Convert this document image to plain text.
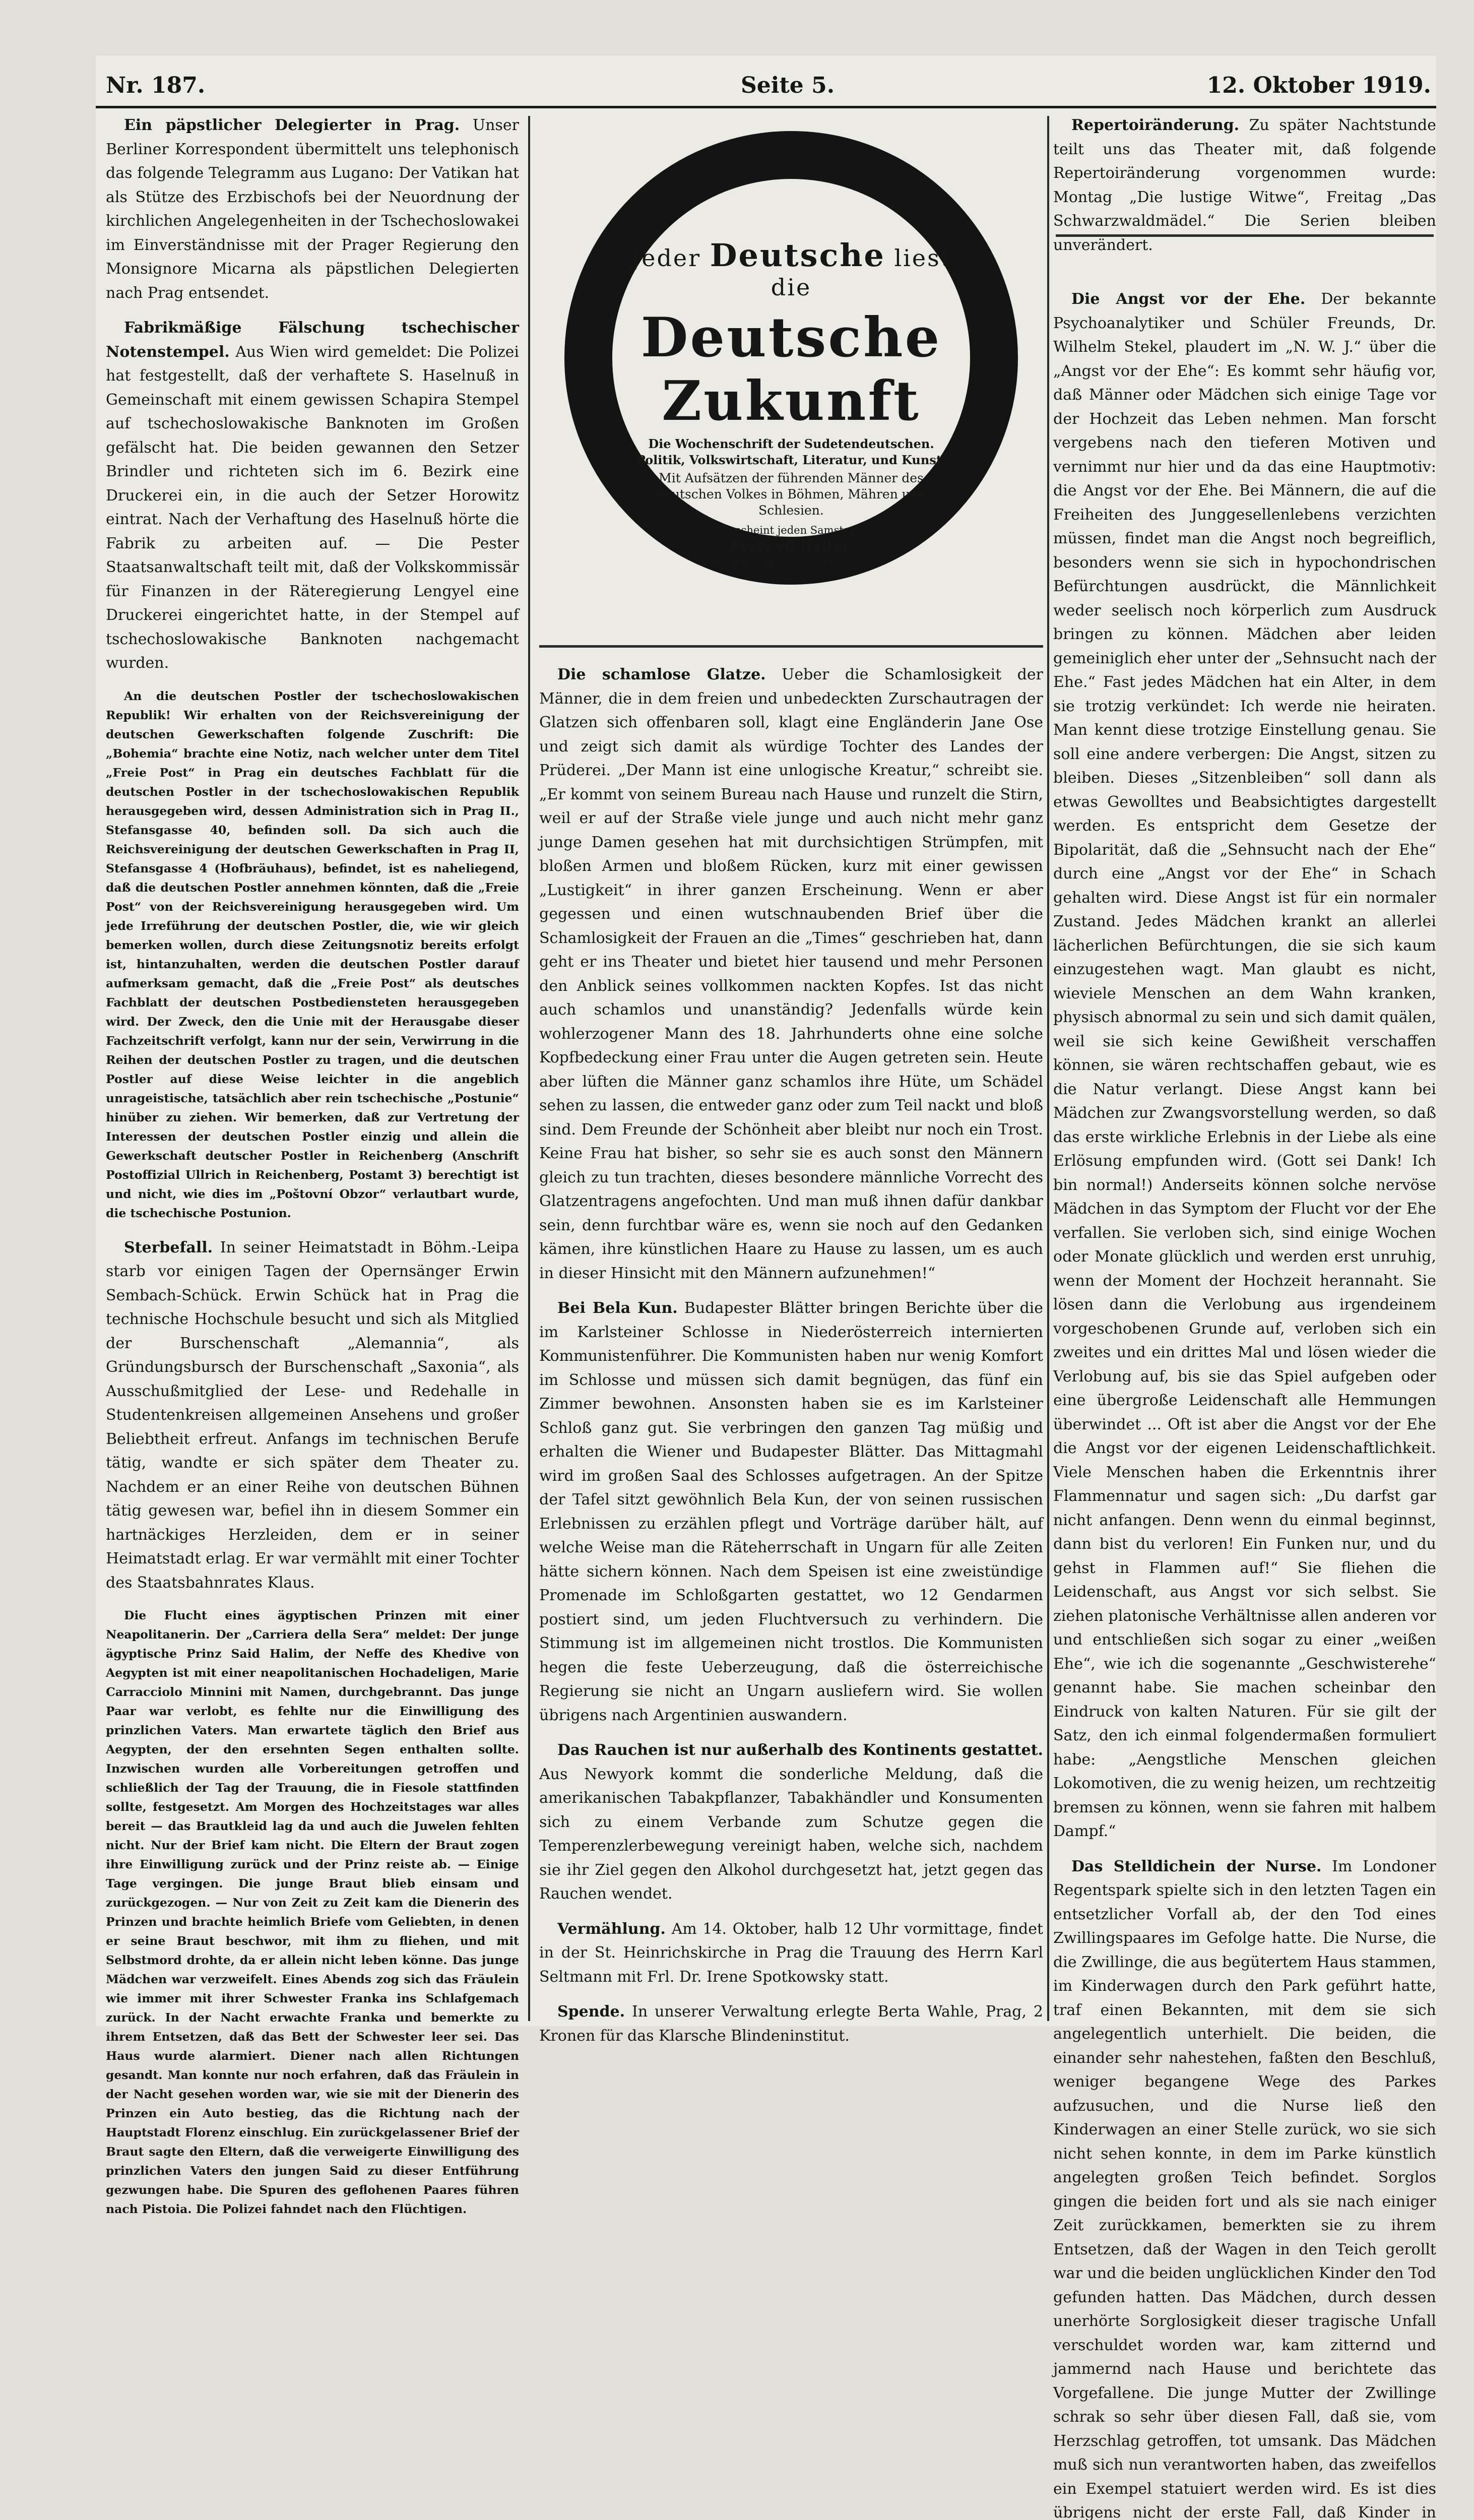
Nr. 187.	Seite 5.	12. Oktober 1919.

Ein päpstlicher Delegierter in Prag. Unser Berliner Korrespondent übermittelt uns telephonisch das folgende Telegramm aus Lugano: Der Vatikan hat als Stütze des Erzbischofs bei der Neuordnung der kirchlichen Angelegenheiten in der Tschechoslowakei im Einverständnisse mit der Prager Regierung den Monsignore Micarna als päpstlichen Delegierten nach Prag entsendet.

Fabrikmäßige Fälschung tschechischer Notenstempel. Aus Wien wird gemeldet: Die Polizei hat festgestellt, daß der verhaftete S. Haselnuß in Gemeinschaft mit einem gewissen Schapira Stempel auf tschechoslowakische Banknoten im Großen gefälscht hat. Die beiden gewannen den Setzer Brindler und richteten sich im 6. Bezirk eine Druckerei ein, in die auch der Setzer Horowitz eintrat. Nach der Verhaftung des Haselnuß hörte die Fabrik zu arbeiten auf. — Die Pester Staatsanwaltschaft teilt mit, daß der Volkskommissär für Finanzen in der Räteregierung Lengyel eine Druckerei eingerichtet hatte, in der Stempel auf tschechoslowakische Banknoten nachgemacht wurden.

An die deutschen Postler der tschechoslowakischen Republik! Wir erhalten von der Reichsvereinigung der deutschen Gewerkschaften folgende Zuschrift: Die „Bohemia“ brachte eine Notiz, nach welcher unter dem Titel „Freie Post“ in Prag ein deutsches Fachblatt für die deutschen Postler in der tschechoslowakischen Republik herausgegeben wird, dessen Administration sich in Prag II., Stefansgasse 40, befinden soll. Da sich auch die Reichsvereinigung der deutschen Gewerkschaften in Prag II, Stefansgasse 4 (Hofbräuhaus), befindet, ist es naheliegend, daß die deutschen Postler annehmen könnten, daß die „Freie Post“ von der Reichsvereinigung herausgegeben wird. Um jede Irreführung der deutschen Postler, die, wie wir gleich bemerken wollen, durch diese Zeitungsnotiz bereits erfolgt ist, hintanzuhalten, werden die deutschen Postler darauf aufmerksam gemacht, daß die „Freie Post“ als deutsches Fachblatt der deutschen Postbediensteten herausgegeben wird. Der Zweck, den die Unie mit der Herausgabe dieser Fachzeitschrift verfolgt, kann nur der sein, Verwirrung in die Reihen der deutschen Postler zu tragen, und die deutschen Postler auf diese Weise leichter in die angeblich unrageistische, tatsächlich aber rein tschechische „Postunie“ hinüber zu ziehen. Wir bemerken, daß zur Vertretung der Interessen der deutschen Postler einzig und allein die Gewerkschaft deutscher Postler in Reichenberg (Anschrift Postoffizial Ullrich in Reichenberg, Postamt 3) berechtigt ist und nicht, wie dies im „Poštovní Obzor“ verlautbart wurde, die tschechische Postunion.

Sterbefall. In seiner Heimatstadt in Böhm.-Leipa starb vor einigen Tagen der Opernsänger Erwin Sembach-Schück. Erwin Schück hat in Prag die technische Hochschule besucht und sich als Mitglied der Burschenschaft „Alemannia“, als Gründungsbursch der Burschenschaft „Saxonia“, als Ausschußmitglied der Lese- und Redehalle in Studentenkreisen allgemeinen Ansehens und großer Beliebtheit erfreut. Anfangs im technischen Berufe tätig, wandte er sich später dem Theater zu. Nachdem er an einer Reihe von deutschen Bühnen tätig gewesen war, befiel ihn in diesem Sommer ein hartnäckiges Herzleiden, dem er in seiner Heimatstadt erlag. Er war vermählt mit einer Tochter des Staatsbahnrates Klaus.

Die Flucht eines ägyptischen Prinzen mit einer Neapolitanerin. Der „Carriera della Sera“ meldet: Der junge ägyptische Prinz Said Halim, der Neffe des Khedive von Aegypten ist mit einer neapolitanischen Hochadeligen, Marie Carracciolo Minnini mit Namen, durchgebrannt. Das junge Paar war verlobt, es fehlte nur die Einwilligung des prinzlichen Vaters. Man erwartete täglich den Brief aus Aegypten, der den ersehnten Segen enthalten sollte. Inzwischen wurden alle Vorbereitungen getroffen und schließlich der Tag der Trauung, die in Fiesole stattfinden sollte, festgesetzt. Am Morgen des Hochzeitstages war alles bereit — das Brautkleid lag da und auch die Juwelen fehlten nicht. Nur der Brief kam nicht. Die Eltern der Braut zogen ihre Einwilligung zurück und der Prinz reiste ab. — Einige Tage vergingen. Die junge Braut blieb einsam und zurückgezogen. — Nur von Zeit zu Zeit kam die Dienerin des Prinzen und brachte heimlich Briefe vom Geliebten, in denen er seine Braut beschwor, mit ihm zu fliehen, und mit Selbstmord drohte, da er allein nicht leben könne. Das junge Mädchen war verzweifelt. Eines Abends zog sich das Fräulein wie immer mit ihrer Schwester Franka ins Schlafgemach zurück. In der Nacht erwachte Franka und bemerkte zu ihrem Entsetzen, daß das Bett der Schwester leer sei. Das Haus wurde alarmiert. Diener nach allen Richtungen gesandt. Man konnte nur noch erfahren, daß das Fräulein in der Nacht gesehen worden war, wie sie mit der Dienerin des Prinzen ein Auto bestieg, das die Richtung nach der Hauptstadt Florenz einschlug. Ein zurückgelassener Brief der Braut sagte den Eltern, daß die verweigerte Einwilligung des prinzlichen Vaters den jungen Said zu dieser Entführung gezwungen habe. Die Spuren des geflohenen Paares führen nach Pistoia. Die Polizei fahndet nach den Flüchtigen.

Jeder Deutsche liest die
Deutsche Zukunft
Die Wochenschrift der Sudetendeutschen.
Politik, Volkswirtschaft, Literatur, und Kunst.
Mit Aufsätzen der führenden Männer des deutschen Volkes in Böhmen, Mähren und Schlesien.
Erscheint jeden Samstag.
Preis 60 Heller.
Verwaltung Prag I. Annahof.

Die schamlose Glatze. Ueber die Schamlosigkeit der Männer, die in dem freien und unbedeckten Zurschautragen der Glatzen sich offenbaren soll, klagt eine Engländerin Jane Ose und zeigt sich damit als würdige Tochter des Landes der Prüderei. „Der Mann ist eine unlogische Kreatur,“ schreibt sie. „Er kommt von seinem Bureau nach Hause und runzelt die Stirn, weil er auf der Straße viele junge und auch nicht mehr ganz junge Damen gesehen hat mit durchsichtigen Strümpfen, mit bloßen Armen und bloßem Rücken, kurz mit einer gewissen „Lustigkeit“ in ihrer ganzen Erscheinung. Wenn er aber gegessen und einen wutschnaubenden Brief über die Schamlosigkeit der Frauen an die „Times“ geschrieben hat, dann geht er ins Theater und bietet hier tausend und mehr Personen den Anblick seines vollkommen nackten Kopfes. Ist das nicht auch schamlos und unanständig? Jedenfalls würde kein wohlerzogener Mann des 18. Jahrhunderts ohne eine solche Kopfbedeckung einer Frau unter die Augen getreten sein. Heute aber lüften die Männer ganz schamlos ihre Hüte, um Schädel sehen zu lassen, die entweder ganz oder zum Teil nackt und bloß sind. Dem Freunde der Schönheit aber bleibt nur noch ein Trost. Keine Frau hat bisher, so sehr sie es auch sonst den Männern gleich zu tun trachten, dieses besondere männliche Vorrecht des Glatzentragens angefochten. Und man muß ihnen dafür dankbar sein, denn furchtbar wäre es, wenn sie noch auf den Gedanken kämen, ihre künstlichen Haare zu Hause zu lassen, um es auch in dieser Hinsicht mit den Männern aufzunehmen!“

Bei Bela Kun. Budapester Blätter bringen Berichte über die im Karlsteiner Schlosse in Niederösterreich internierten Kommunistenführer. Die Kommunisten haben nur wenig Komfort im Schlosse und müssen sich damit begnügen, das fünf ein Zimmer bewohnen. Ansonsten haben sie es im Karlsteiner Schloß ganz gut. Sie verbringen den ganzen Tag müßig und erhalten die Wiener und Budapester Blätter. Das Mittagmahl wird im großen Saal des Schlosses aufgetragen. An der Spitze der Tafel sitzt gewöhnlich Bela Kun, der von seinen russischen Erlebnissen zu erzählen pflegt und Vorträge darüber hält, auf welche Weise man die Räteherrschaft in Ungarn für alle Zeiten hätte sichern können. Nach dem Speisen ist eine zweistündige Promenade im Schloßgarten gestattet, wo 12 Gendarmen postiert sind, um jeden Fluchtversuch zu verhindern. Die Stimmung ist im allgemeinen nicht trostlos. Die Kommunisten hegen die feste Ueberzeugung, daß die österreichische Regierung sie nicht an Ungarn ausliefern wird. Sie wollen übrigens nach Argentinien auswandern.

Das Rauchen ist nur außerhalb des Kontinents gestattet. Aus Newyork kommt die sonderliche Meldung, daß die amerikanischen Tabakpflanzer, Tabakhändler und Konsumenten sich zu einem Verbande zum Schutze gegen die Temperenzlerbewegung vereinigt haben, welche sich, nachdem sie ihr Ziel gegen den Alkohol durchgesetzt hat, jetzt gegen das Rauchen wendet.

Vermählung. Am 14. Oktober, halb 12 Uhr vormittage, findet in der St. Heinrichskirche in Prag die Trauung des Herrn Karl Seltmann mit Frl. Dr. Irene Spotkowsky statt.

Spende. In unserer Verwaltung erlegte Berta Wahle, Prag, 2 Kronen für das Klarsche Blindeninstitut.

Repertoiränderung. Zu später Nachtstunde teilt uns das Theater mit, daß folgende Repertoiränderung vorgenommen wurde: Montag „Die lustige Witwe“, Freitag „Das Schwarzwaldmädel.“ Die Serien bleiben unverändert.

Die Angst vor der Ehe. Der bekannte Psychoanalytiker und Schüler Freunds, Dr. Wilhelm Stekel, plaudert im „N. W. J.“ über die „Angst vor der Ehe“: Es kommt sehr häufig vor, daß Männer oder Mädchen sich einige Tage vor der Hochzeit das Leben nehmen. Man forscht vergebens nach den tieferen Motiven und vernimmt nur hier und da das eine Hauptmotiv: die Angst vor der Ehe. Bei Männern, die auf die Freiheiten des Junggesellenlebens verzichten müssen, findet man die Angst noch begreiflich, besonders wenn sie sich in hypochondrischen Befürchtungen ausdrückt, die Männlichkeit weder seelisch noch körperlich zum Ausdruck bringen zu können. Mädchen aber leiden gemeiniglich eher unter der „Sehnsucht nach der Ehe.“ Fast jedes Mädchen hat ein Alter, in dem sie trotzig verkündet: Ich werde nie heiraten. Man kennt diese trotzige Einstellung genau. Sie soll eine andere verbergen: Die Angst, sitzen zu bleiben. Dieses „Sitzenbleiben“ soll dann als etwas Gewolltes und Beabsichtigtes dargestellt werden. Es entspricht dem Gesetze der Bipolarität, daß die „Sehnsucht nach der Ehe“ durch eine „Angst vor der Ehe“ in Schach gehalten wird. Diese Angst ist für ein normaler Zustand. Jedes Mädchen krankt an allerlei lächerlichen Befürchtungen, die sie sich kaum einzugestehen wagt. Man glaubt es nicht, wieviele Menschen an dem Wahn kranken, physisch abnormal zu sein und sich damit quälen, weil sie sich keine Gewißheit verschaffen können, sie wären rechtschaffen gebaut, wie es die Natur verlangt. Diese Angst kann bei Mädchen zur Zwangsvorstellung werden, so daß das erste wirkliche Erlebnis in der Liebe als eine Erlösung empfunden wird. (Gott sei Dank! Ich bin normal!) Anderseits können solche nervöse Mädchen in das Symptom der Flucht vor der Ehe verfallen. Sie verloben sich, sind einige Wochen oder Monate glücklich und werden erst unruhig, wenn der Moment der Hochzeit herannaht. Sie lösen dann die Verlobung aus irgendeinem vorgeschobenen Grunde auf, verloben sich ein zweites und ein drittes Mal und lösen wieder die Verlobung auf, bis sie das Spiel aufgeben oder eine übergroße Leidenschaft alle Hemmungen überwindet ... Oft ist aber die Angst vor der Ehe die Angst vor der eigenen Leidenschaftlichkeit. Viele Menschen haben die Erkenntnis ihrer Flammennatur und sagen sich: „Du darfst gar nicht anfangen. Denn wenn du einmal beginnst, dann bist du verloren! Ein Funken nur, und du gehst in Flammen auf!“ Sie fliehen die Leidenschaft, aus Angst vor sich selbst. Sie ziehen platonische Verhältnisse allen anderen vor und entschließen sich sogar zu einer „weißen Ehe“, wie ich die sogenannte „Geschwisterehe“ genannt habe. Sie machen scheinbar den Eindruck von kalten Naturen. Für sie gilt der Satz, den ich einmal folgendermaßen formuliert habe: „Aengstliche Menschen gleichen Lokomotiven, die zu wenig heizen, um rechtzeitig bremsen zu können, wenn sie fahren mit halbem Dampf.“

Das Stelldichein der Nurse. Im Londoner Regentspark spielte sich in den letzten Tagen ein entsetzlicher Vorfall ab, der den Tod eines Zwillingspaares im Gefolge hatte. Die Nurse, die die Zwillinge, die aus begütertem Haus stammen, im Kinderwagen durch den Park geführt hatte, traf einen Bekannten, mit dem sie sich angelegentlich unterhielt. Die beiden, die einander sehr nahestehen, faßten den Beschluß, weniger begangene Wege des Parkes aufzusuchen, und die Nurse ließ den Kinderwagen an einer Stelle zurück, wo sie sich nicht sehen konnte, in dem im Parke künstlich angelegten großen Teich befindet. Sorglos gingen die beiden fort und als sie nach einiger Zeit zurückkamen, bemerkten sie zu ihrem Entsetzen, daß der Wagen in den Teich gerollt war und die beiden unglücklichen Kinder den Tod gefunden hatten. Das Mädchen, durch dessen unerhörte Sorglosigkeit dieser tragische Unfall verschuldet worden war, kam zitternd und jammernd nach Hause und berichtete das Vorgefallene. Die junge Mutter der Zwillinge schrak so sehr über diesen Fall, daß sie, vom Herzschlag getroffen, tot umsank. Das Mädchen muß sich nun verantworten haben, das zweifellos ein Exempel statuiert werden wird. Es ist dies übrigens nicht der erste Fall, daß Kinder in
